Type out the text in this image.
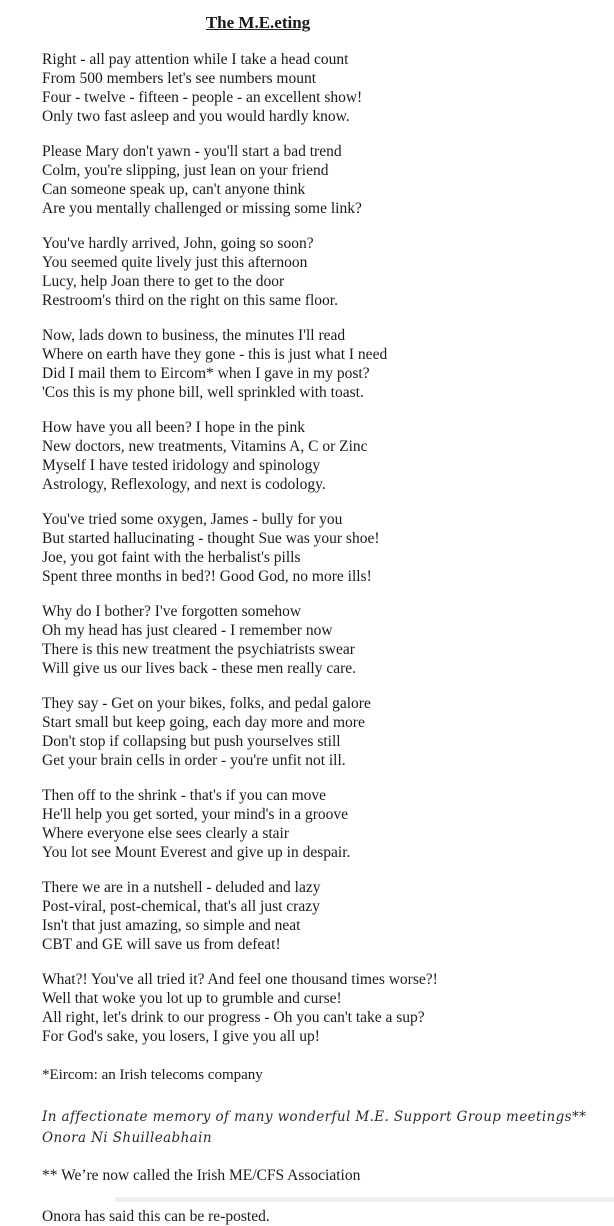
The M.E.eting
Right - all pay attention while I take a head count
From 500 members let's see numbers mount
Four - twelve - fifteen - people - an excellent show!
Only two fast asleep and you would hardly know.
Please Mary don't yawn - you'll start a bad trend
Colm, you're slipping, just lean on your friend
Can someone speak up, can't anyone think
Are you mentally challenged or missing some link?
You've hardly arrived, John, going so soon?
You seemed quite lively just this afternoon
Lucy, help Joan there to get to the door
Restroom's third on the right on this same floor.
Now, lads down to business, the minutes I'll read
Where on earth have they gone - this is just what I need
Did I mail them to Eircom* when I gave in my post?
'Cos this is my phone bill, well sprinkled with toast.
How have you all been? I hope in the pink
New doctors, new treatments, Vitamins A, C or Zinc
Myself I have tested iridology and spinology
Astrology, Reflexology, and next is codology.
You've tried some oxygen, James - bully for you
But started hallucinating - thought Sue was your shoe!
Joe, you got faint with the herbalist's pills
Spent three months in bed?! Good God, no more ills!
Why do I bother? I've forgotten somehow
Oh my head has just cleared - I remember now
There is this new treatment the psychiatrists swear
Will give us our lives back - these men really care.
They say - Get on your bikes, folks, and pedal galore
Start small but keep going, each day more and more
Don't stop if collapsing but push yourselves still
Get your brain cells in order - you're unfit not ill.
Then off to the shrink - that's if you can move
He'll help you get sorted, your mind's in a groove
Where everyone else sees clearly a stair
You lot see Mount Everest and give up in despair.
There we are in a nutshell - deluded and lazy
Post-viral, post-chemical, that's all just crazy
Isn't that just amazing, so simple and neat
CBT and GE will save us from defeat!
What?! You've all tried it? And feel one thousand times worse?!
Well that woke you lot up to grumble and curse!
All right, let's drink to our progress - Oh you can't take a sup?
For God's sake, you losers, I give you all up!
*Eircom: an Irish telecoms company
In affectionate memory of many wonderful M.E. Support Group meetings**
Onora Ni Shuilleabhain
** We’re now called the Irish ME/CFS Association
Onora has said this can be re-posted.
